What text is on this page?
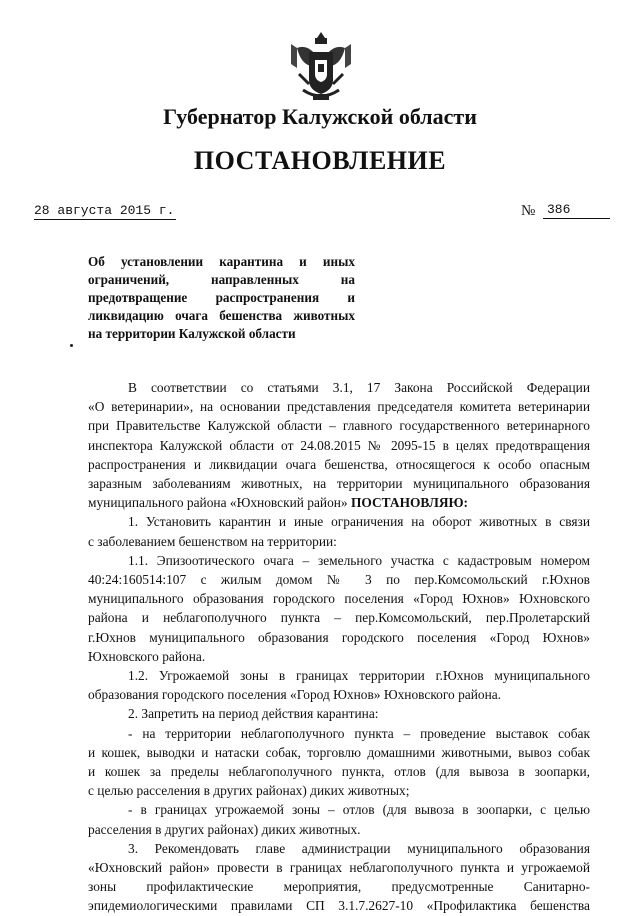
Губернатор Калужской области
ПОСТАНОВЛЕНИЕ
28 августа 2015 г.	№ 386
Об установлении карантина и иных
ограничений, направленных на
предотвращение распространения и
ликвидацию очага бешенства животных
на территории Калужской области
В соответствии со статьями 3.1, 17 Закона Российской Федерации
«О ветеринарии», на основании представления председателя комитета ветеринарии
при Правительстве Калужской области – главного государственного ветеринарного
инспектора Калужской области от 24.08.2015 № 2095-15 в целях предотвращения
распространения и ликвидации очага бешенства, относящегося к особо опасным
заразным заболеваниям животных, на территории муниципального образования
муниципального района «Юхновский район» ПОСТАНОВЛЯЮ:
1. Установить карантин и иные ограничения на оборот животных в связи
с заболеванием бешенством на территории:
1.1. Эпизоотического очага – земельного участка с кадастровым номером
40:24:160514:107 с жилым домом № 3 по пер.Комсомольский г.Юхнов
муниципального образования городского поселения «Город Юхнов» Юхновского
района и неблагополучного пункта – пер.Комсомольский, пер.Пролетарский
г.Юхнов муниципального образования городского поселения «Город Юхнов»
Юхновского района.
1.2. Угрожаемой зоны в границах территории г.Юхнов муниципального
образования городского поселения «Город Юхнов» Юхновского района.
2. Запретить на период действия карантина:
- на территории неблагополучного пункта – проведение выставок собак
и кошек, выводки и натаски собак, торговлю домашними животными, вывоз собак
и кошек за пределы неблагополучного пункта, отлов (для вывоза в зоопарки,
с целью расселения в других районах) диких животных;
- в границах угрожаемой зоны – отлов (для вывоза в зоопарки, с целью
расселения в других районах) диких животных.
3. Рекомендовать главе администрации муниципального образования
«Юхновский район» провести в границах неблагополучного пункта и угрожаемой
зоны профилактические мероприятия, предусмотренные Санитарно-
эпидемиологическими правилами СП 3.1.7.2627-10 «Профилактика бешенства
